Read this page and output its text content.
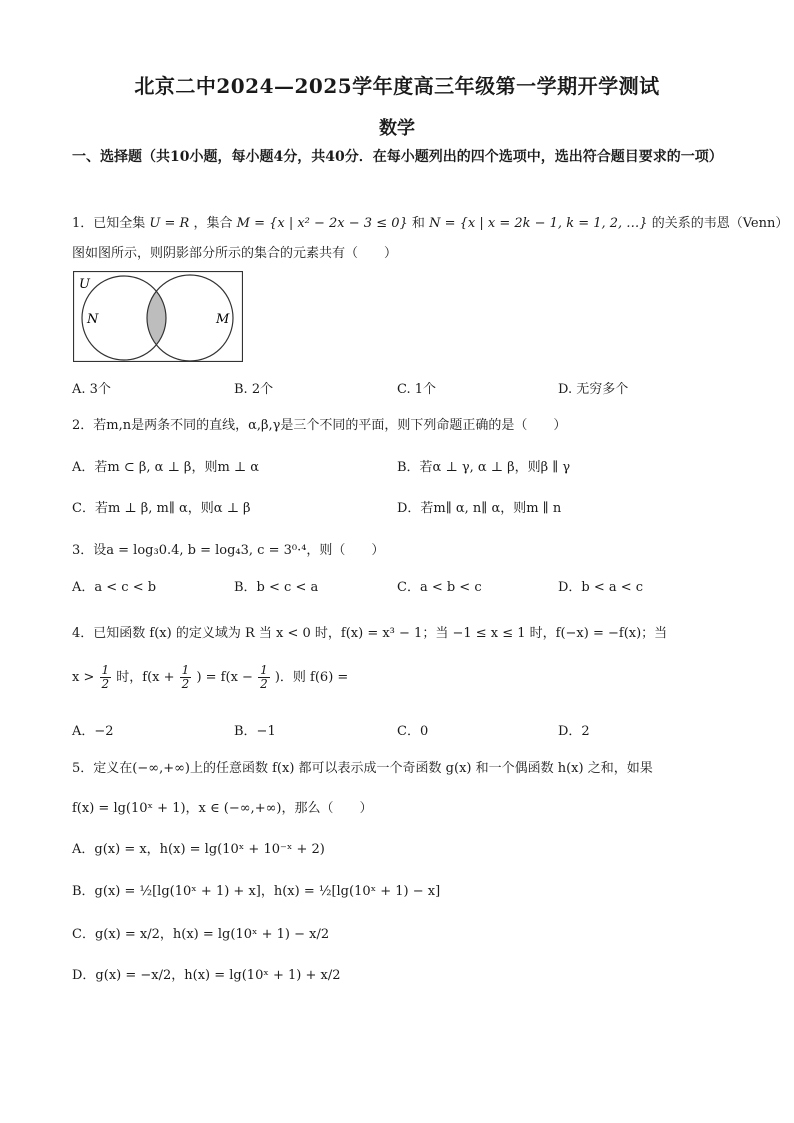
北京二中2024—2025学年度高三年级第一学期开学测试
数学
一、选择题（共10小题，每小题4分，共40分．在每小题列出的四个选项中，选出符合题目要求的一项）
1．已知全集 U = R ，集合 M = {x | x² − 2x − 3 ≤ 0} 和 N = {x | x = 2k − 1, k = 1, 2, …} 的关系的韦恩（Venn）
图如图所示，则阴影部分所示的集合的元素共有（　　）
U
N	M
A. 3个	B. 2个	C. 1个	D. 无穷多个
2．若m,n是两条不同的直线，α,β,γ是三个不同的平面，则下列命题正确的是（　　）
A．若m ⊂ β, α ⊥ β，则m ⊥ α	B．若α ⊥ γ, α ⊥ β，则β ∥ γ
C．若m ⊥ β, m∥ α，则α ⊥ β	D．若m∥ α, n∥ α，则m ∥ n
3．设a = log₃0.4, b = log₄3, c = 3⁰·⁴，则（　　）
A．a < c < b	B．b < c < a	C．a < b < c	D．b < a < c
4．已知函数 f(x) 的定义域为 R 当 x < 0 时，f(x) = x³ − 1；当 −1 ≤ x ≤ 1 时，f(−x) = −f(x)；当
$x > \frac{1}{2}$ 时，$f(x + \frac{1}{2}$ ) = $f(x - \frac{1}{2}$ )．则 f(6) =
A．−2	B．−1	C．0	D．2
5．定义在(−∞,+∞)上的任意函数 f(x) 都可以表示成一个奇函数 g(x) 和一个偶函数 h(x) 之和，如果
f(x) = lg(10ˣ + 1)，x ∈ (−∞,+∞)，那么（　　）
A．g(x) = x，h(x) = lg(10ˣ + 10⁻ˣ + 2)
B．g(x) = ½[lg(10ˣ + 1) + x]，h(x) = ½[lg(10ˣ + 1) − x]
C．g(x) = x/2，h(x) = lg(10ˣ + 1) − x/2
D．g(x) = −x/2，h(x) = lg(10ˣ + 1) + x/2
